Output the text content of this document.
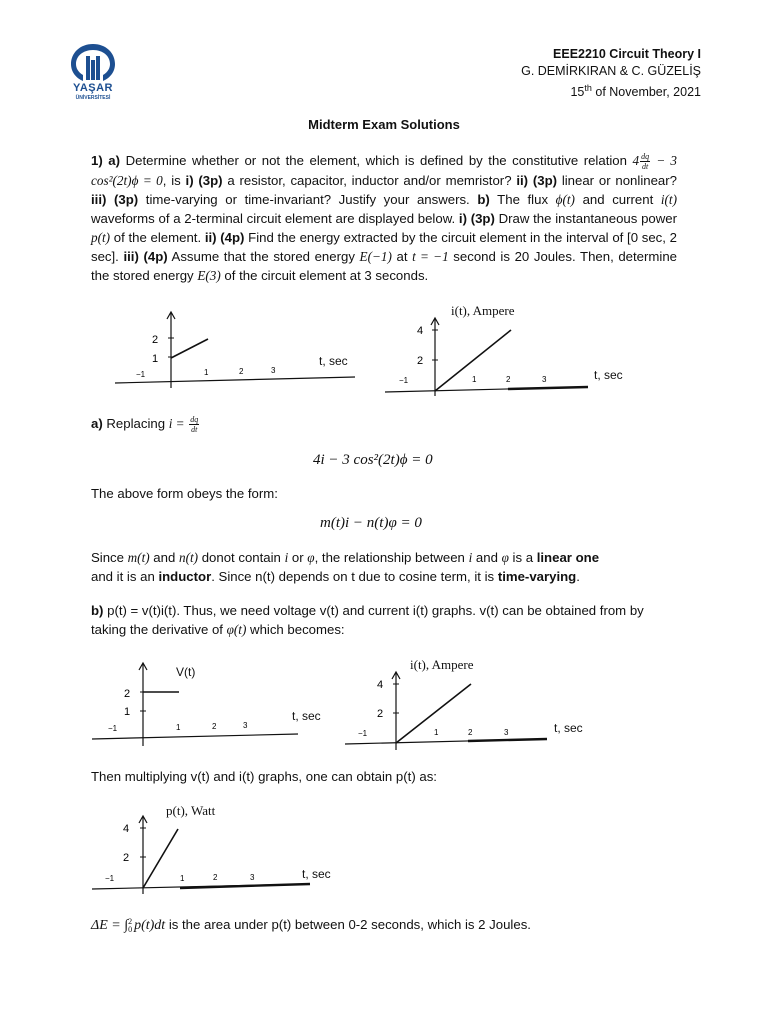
YAŞAR
ÜNİVERSİTESİ
EEE2210 Circuit Theory I
G. DEMİRKIRAN & C. GÜZELİŞ
15th of November, 2021
Midterm Exam Solutions
1) a) Determine whether or not the element, which is defined by the constitutive relation $4 \frac{dq}{dt} - 3$ cos²(2t)ϕ = 0, is i) (3p) a resistor, capacitor, inductor and/or memristor? ii) (3p) linear or nonlinear? iii) (3p) time-varying or time-invariant? Justify your answers. b) The flux ϕ(t) and current i(t) waveforms of a 2-terminal circuit element are displayed below. i) (3p) Draw the instantaneous power p(t) of the element. ii) (4p) Find the energy extracted by the circuit element in the interval of [0 sec, 2 sec]. iii) (4p) Assume that the stored energy E(−1) at t = −1 second is 20 Joules. Then, determine the stored energy E(3) of the circuit element at 3 seconds.
2
1
−1	1	2	3
t, sec
i(t), Ampere
4
2
−1	1	2	3	t, sec
a) Replacing $i = \frac{dq}{dt}$
4i − 3 cos²(2t)ϕ = 0
The above form obeys the form:
m(t)i − n(t)φ = 0
Since m(t) and n(t) donot contain i or φ, the relationship between i and φ is a linear one
and it is an inductor. Since n(t) depends on t due to cosine term, it is time-varying.
b) p(t) = v(t)i(t). Thus, we need voltage v(t) and current i(t) graphs. v(t) can be obtained from by taking the derivative of φ(t) which becomes:
V(t)
2
1
−1	1	2	3
t, sec
i(t), Ampere
4
2
−1	1	2	3	t, sec
Then multiplying v(t) and i(t) graphs, one can obtain p(t) as:
p(t), Watt
4
2
−1	1	2	3	t, sec
ΔE = ∫ 2
0 p(t)dt is the area under p(t) between 0-2 seconds, which is 2 Joules.
